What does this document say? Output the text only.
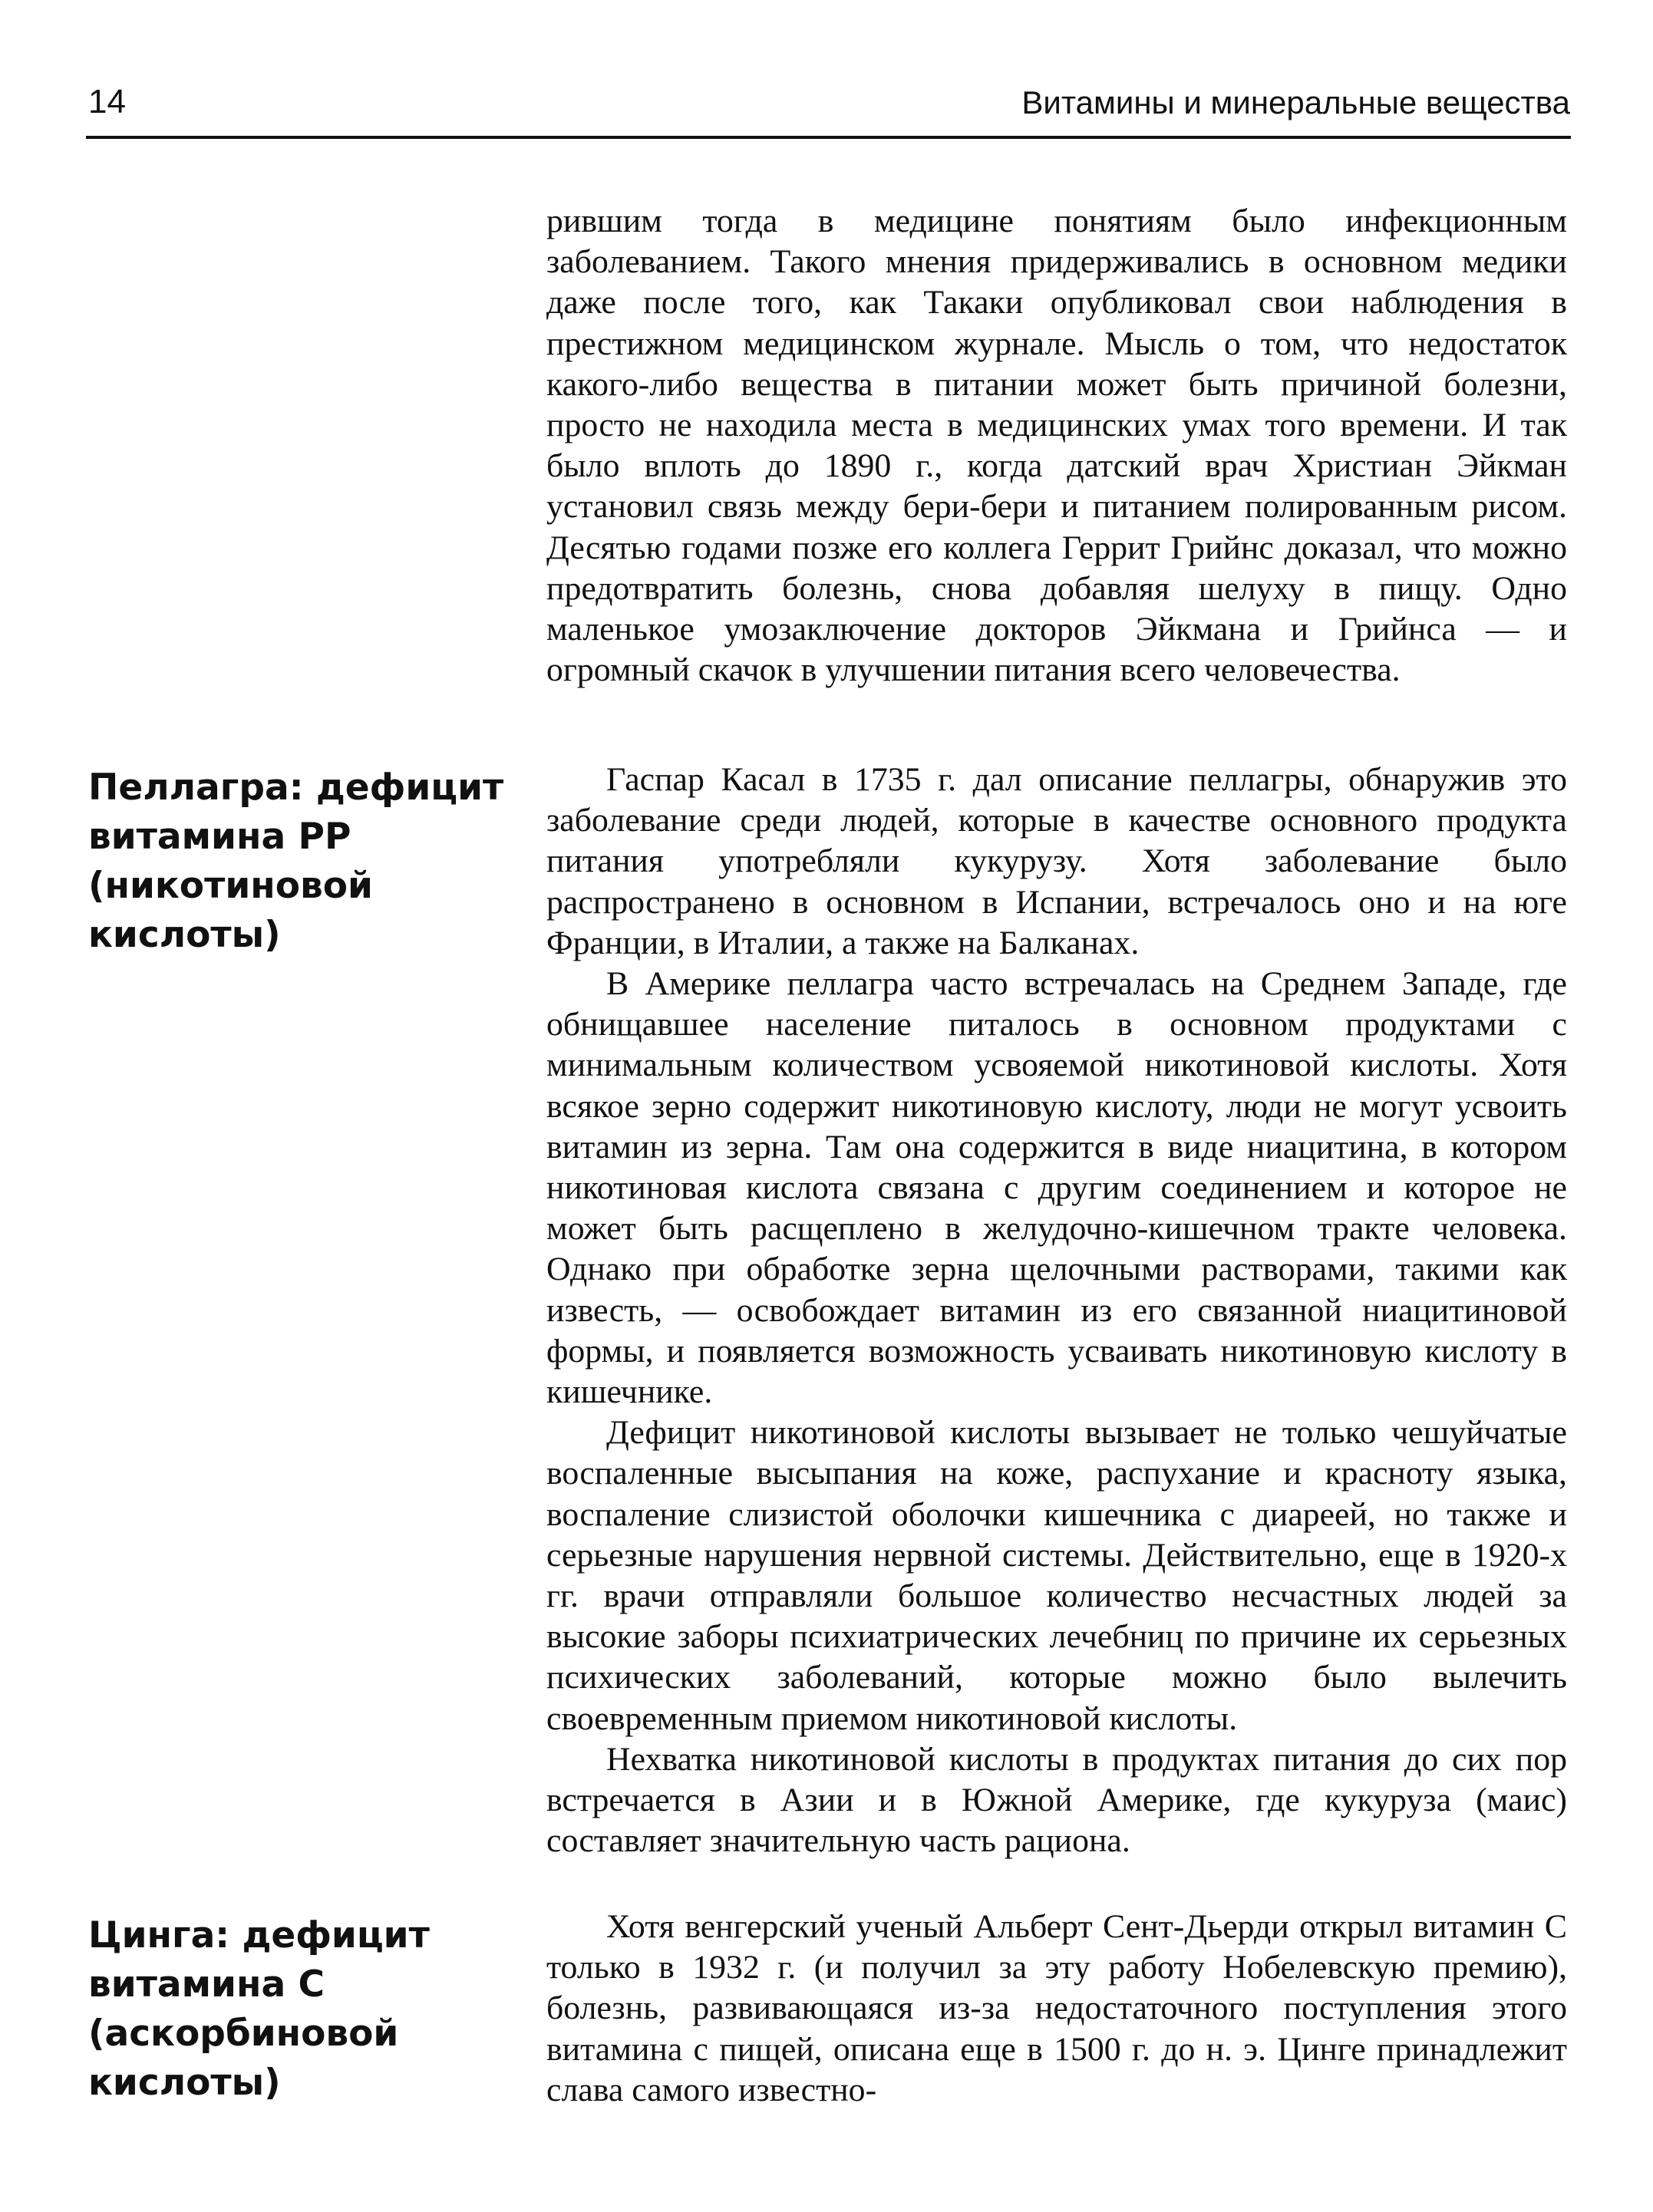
14	Витамины и минеральные вещества

рившим тогда в медицине понятиям было инфекционным заболеванием. Такого мнения придерживались в основном медики даже после того, как Такаки опубликовал свои наблюдения в престижном медицинском журнале. Мысль о том, что недостаток какого-либо вещества в питании может быть причиной болезни, просто не находила места в медицинских умах того времени. И так было вплоть до 1890 г., когда датский врач Христиан Эйкман установил связь между бери-бери и питанием полированным рисом. Десятью годами позже его коллега Геррит Грийнс доказал, что можно предотвратить болезнь, снова добавляя шелуху в пищу. Одно маленькое умозаключение докторов Эйкмана и Грийнса — и огромный скачок в улучшении питания всего человечества.

Пеллагра: дефицит витамина PP (никотиновой кислоты)

Гаспар Касал в 1735 г. дал описание пеллагры, обнаружив это заболевание среди людей, которые в качестве основного продукта питания употребляли кукурузу. Хотя заболевание было распространено в основном в Испании, встречалось оно и на юге Франции, в Италии, а также на Балканах.

В Америке пеллагра часто встречалась на Среднем Западе, где обнищавшее население питалось в основном продуктами с минимальным количеством усвояемой никотиновой кислоты. Хотя всякое зерно содержит никотиновую кислоту, люди не могут усвоить витамин из зерна. Там она содержится в виде ниацитина, в котором никотиновая кислота связана с другим соединением и которое не может быть расщеплено в желудочно-кишечном тракте человека. Однако при обработке зерна щелочными растворами, такими как известь, — освобождает витамин из его связанной ниацитиновой формы, и появляется возможность усваивать никотиновую кислоту в кишечнике.

Дефицит никотиновой кислоты вызывает не только чешуйчатые воспаленные высыпания на коже, распухание и красноту языка, воспаление слизистой оболочки кишечника с диареей, но также и серьезные нарушения нервной системы. Действительно, еще в 1920-х гг. врачи отправляли большое количество несчастных людей за высокие заборы психиатрических лечебниц по причине их серьезных психических заболеваний, которые можно было вылечить своевременным приемом никотиновой кислоты.

Нехватка никотиновой кислоты в продуктах питания до сих пор встречается в Азии и в Южной Америке, где кукуруза (маис) составляет значительную часть рациона.

Цинга: дефицит витамина С (аскорбиновой кислоты)

Хотя венгерский ученый Альберт Сент-Дьерди открыл витамин С только в 1932 г. (и получил за эту работу Нобелевскую премию), болезнь, развивающаяся из-за недостаточного поступления этого витамина с пищей, описана еще в 1500 г. до н. э. Цинге принадлежит слава самого известно-
